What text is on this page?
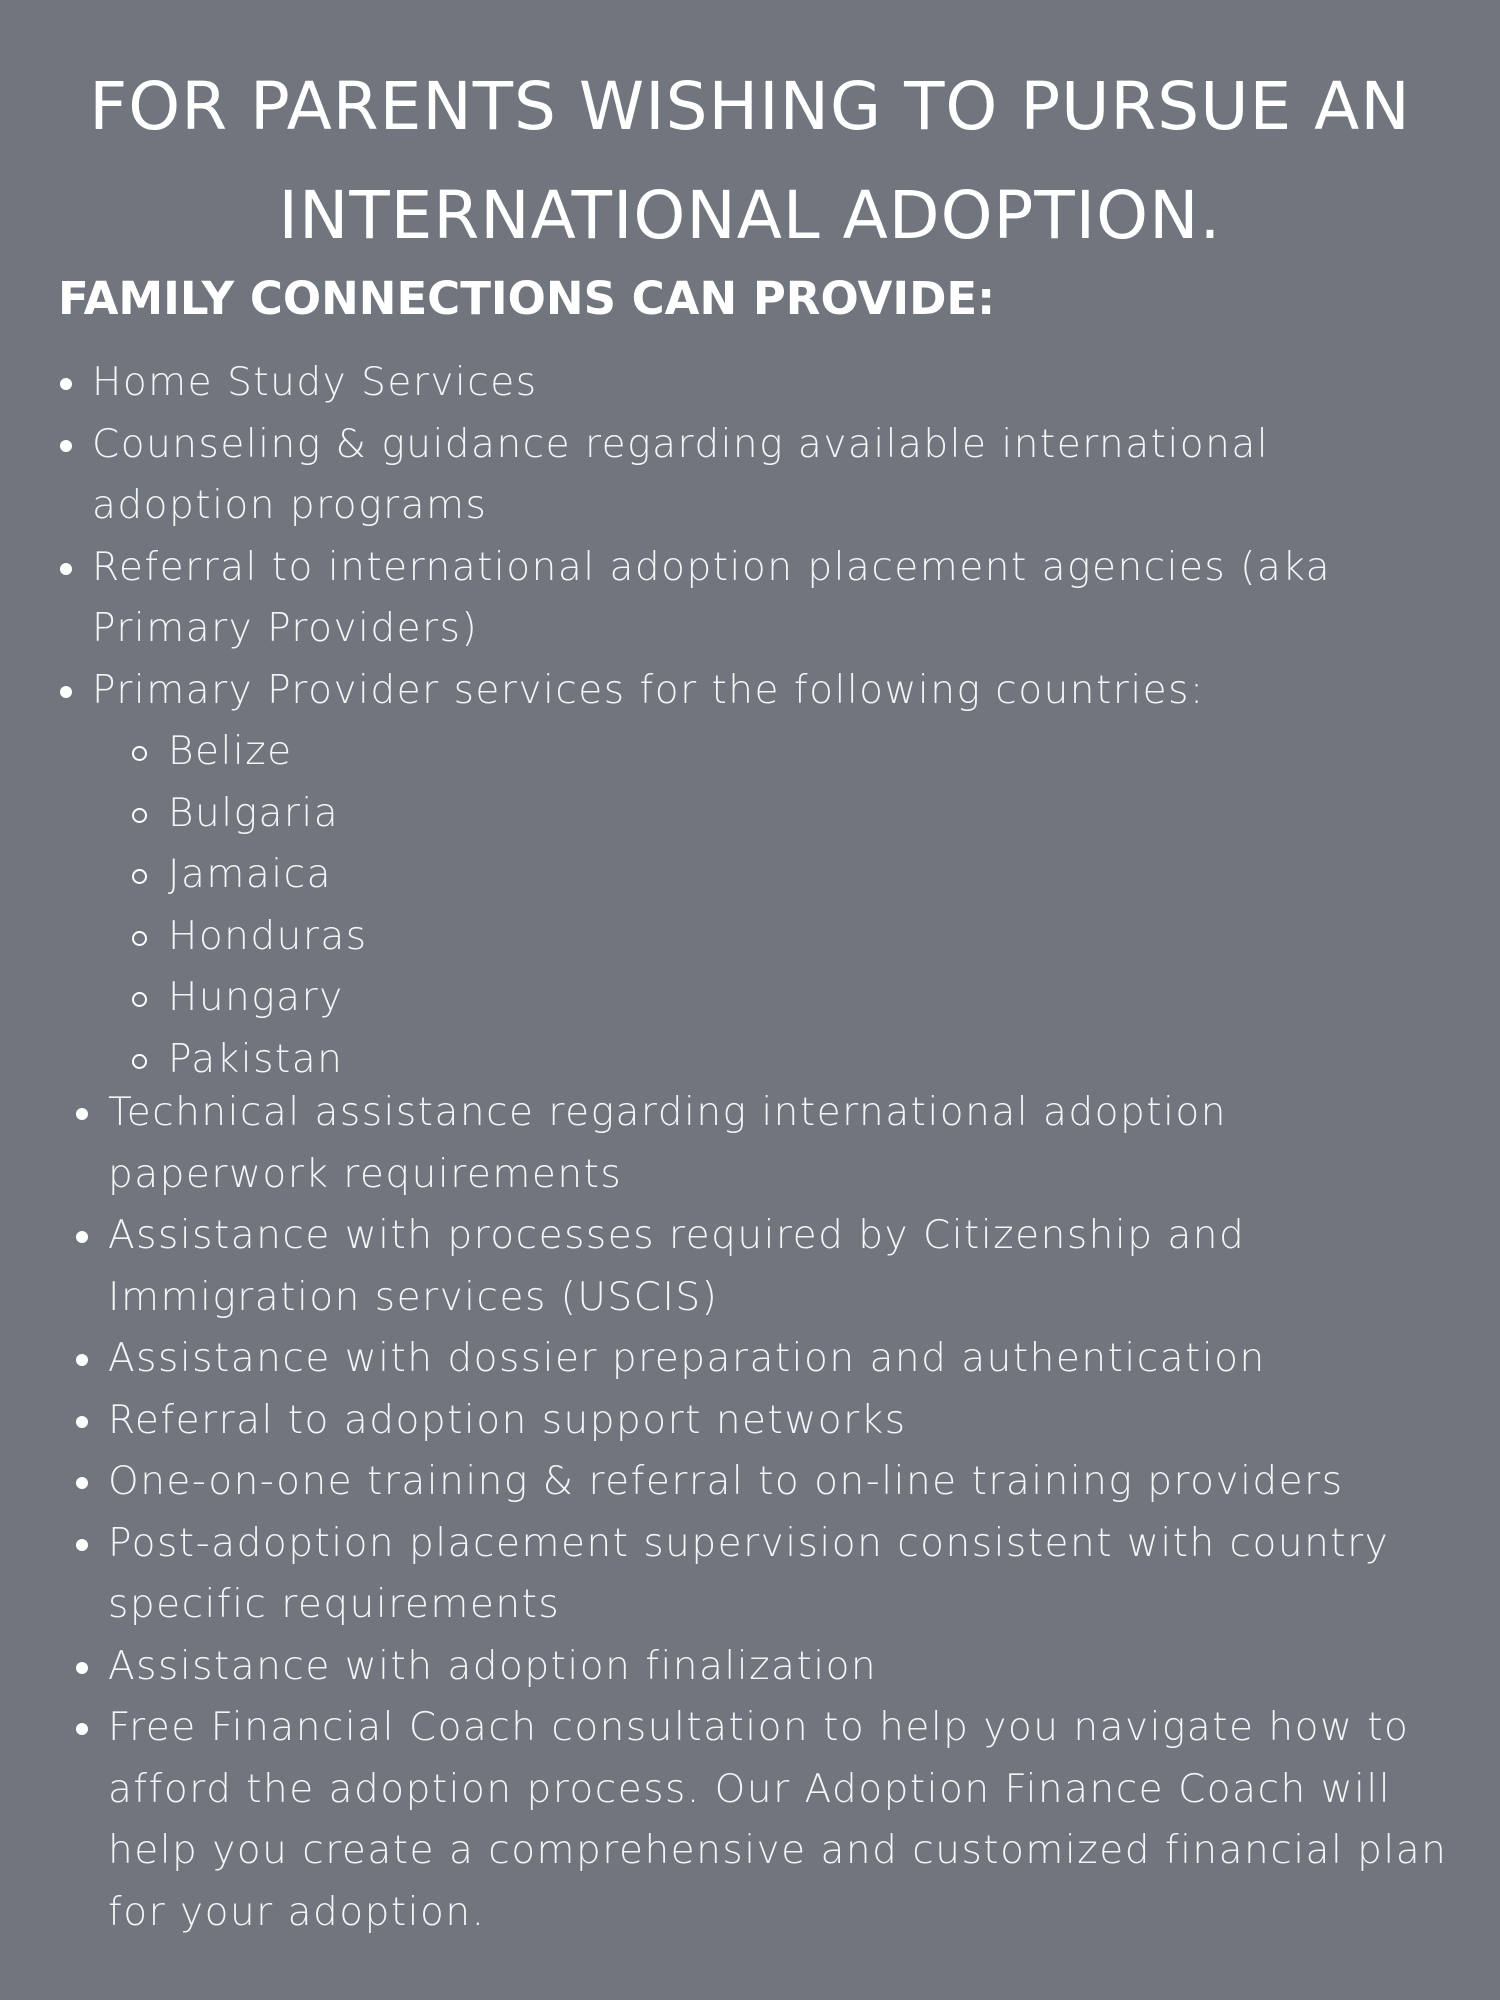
FOR PARENTS WISHING TO PURSUE AN INTERNATIONAL ADOPTION.
FAMILY CONNECTIONS CAN PROVIDE:
Home Study Services
Counseling & guidance regarding available international adoption programs
Referral to international adoption placement agencies (aka Primary Providers)
Primary Provider services for the following countries:
Belize
Bulgaria
Jamaica
Honduras
Hungary
Pakistan
Technical assistance regarding international adoption paperwork requirements
Assistance with processes required by Citizenship and Immigration services (USCIS)
Assistance with dossier preparation and authentication
Referral to adoption support networks
One-on-one training & referral to on-line training providers
Post-adoption placement supervision consistent with country specific requirements
Assistance with adoption finalization
Free Financial Coach consultation to help you navigate how to afford the adoption process. Our Adoption Finance Coach will help you create a comprehensive and customized financial plan for your adoption.
